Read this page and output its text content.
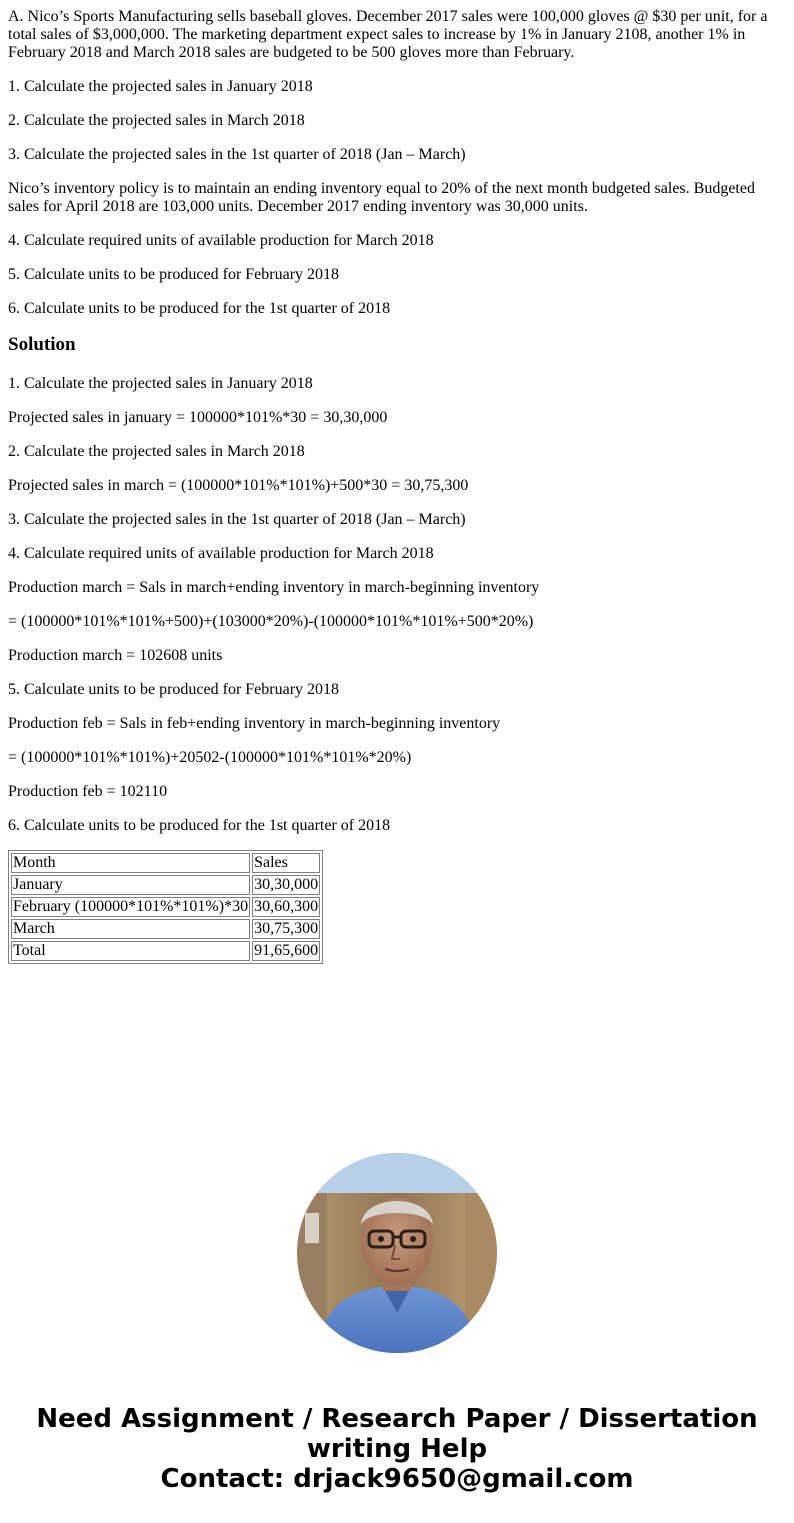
A. Nico’s Sports Manufacturing sells baseball gloves. December 2017 sales were 100,000 gloves @ $30 per unit, for a total sales of $3,000,000. The marketing department expect sales to increase by 1% in January 2108, another 1% in February 2018 and March 2018 sales are budgeted to be 500 gloves more than February.

1. Calculate the projected sales in January 2018

2. Calculate the projected sales in March 2018

3. Calculate the projected sales in the 1st quarter of 2018 (Jan – March)

Nico’s inventory policy is to maintain an ending inventory equal to 20% of the next month budgeted sales. Budgeted sales for April 2018 are 103,000 units. December 2017 ending inventory was 30,000 units.

4. Calculate required units of available production for March 2018

5. Calculate units to be produced for February 2018

6. Calculate units to be produced for the 1st quarter of 2018

Solution

1. Calculate the projected sales in January 2018

Projected sales in january = 100000*101%*30 = 30,30,000

2. Calculate the projected sales in March 2018

Projected sales in march = (100000*101%*101%)+500*30 = 30,75,300

3. Calculate the projected sales in the 1st quarter of 2018 (Jan – March)

4. Calculate required units of available production for March 2018

Production march = Sals in march+ending inventory in march-beginning inventory

= (100000*101%*101%+500)+(103000*20%)-(100000*101%*101%+500*20%)

Production march = 102608 units

5. Calculate units to be produced for February 2018

Production feb = Sals in feb+ending inventory in march-beginning inventory

= (100000*101%*101%)+20502-(100000*101%*101%*20%)

Production feb = 102110

6. Calculate units to be produced for the 1st quarter of 2018

Month	Sales
January	30,30,000
February (100000*101%*101%)*30	30,60,300
March	30,75,300
Total	91,65,600
Need Assignment / Research Paper / Dissertation
writing Help
Contact: drjack9650@gmail.com
